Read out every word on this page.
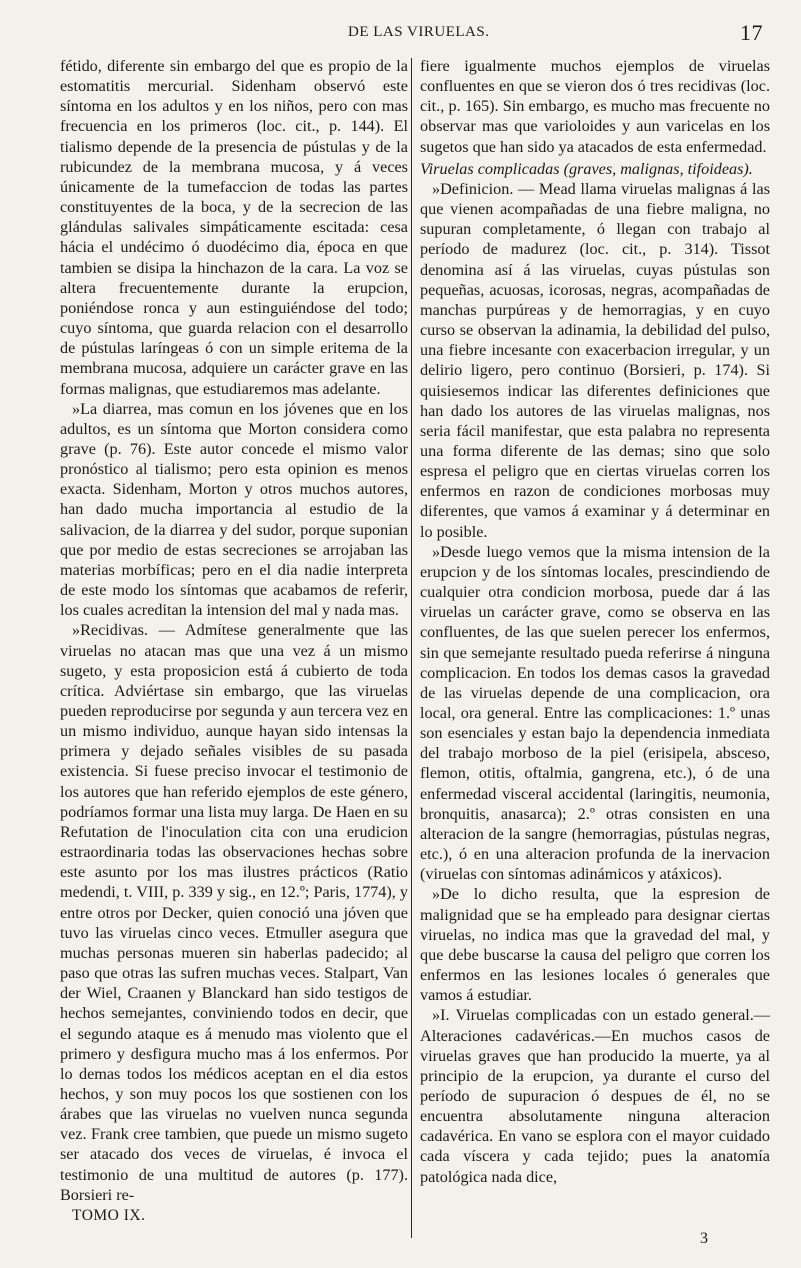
DE LAS VIRUELAS.	17

fétido, diferente sin embargo del que es propio de la estomatitis mercurial. Sidenham observó este síntoma en los adultos y en los niños, pero con mas frecuencia en los primeros (loc. cit., p. 144). El tialismo depende de la presencia de pústulas y de la rubicundez de la membrana mucosa, y á veces únicamente de la tumefaccion de todas las partes constituyentes de la boca, y de la secrecion de las glándulas salivales simpáticamente escitada: cesa hácia el undécimo ó duodécimo dia, época en que tambien se disipa la hinchazon de la cara. La voz se altera frecuentemente durante la erupcion, poniéndose ronca y aun estinguiéndose del todo; cuyo síntoma, que guarda relacion con el desarrollo de pústulas laríngeas ó con un simple eritema de la membrana mucosa, adquiere un carácter grave en las formas malignas, que estudiaremos mas adelante.

»La diarrea, mas comun en los jóvenes que en los adultos, es un síntoma que Morton considera como grave (p. 76). Este autor concede el mismo valor pronóstico al tialismo; pero esta opinion es menos exacta. Sidenham, Morton y otros muchos autores, han dado mucha importancia al estudio de la salivacion, de la diarrea y del sudor, porque suponian que por medio de estas secreciones se arrojaban las materias morbíficas; pero en el dia nadie interpreta de este modo los síntomas que acabamos de referir, los cuales acreditan la intension del mal y nada mas.

»Recidivas. — Admítese generalmente que las viruelas no atacan mas que una vez á un mismo sugeto, y esta proposicion está á cubierto de toda crítica. Adviértase sin embargo, que las viruelas pueden reproducirse por segunda y aun tercera vez en un mismo individuo, aunque hayan sido intensas la primera y dejado señales visibles de su pasada existencia. Si fuese preciso invocar el testimonio de los autores que han referido ejemplos de este género, podríamos formar una lista muy larga. De Haen en su Refutation de l'inoculation cita con una erudicion estraordinaria todas las observaciones hechas sobre este asunto por los mas ilustres prácticos (Ratio medendi, t. VIII, p. 339 y sig., en 12.º; Paris, 1774), y entre otros por Decker, quien conoció una jóven que tuvo las viruelas cinco veces. Etmuller asegura que muchas personas mueren sin haberlas padecido; al paso que otras las sufren muchas veces. Stalpart, Van der Wiel, Craanen y Blanckard han sido testigos de hechos semejantes, conviniendo todos en decir, que el segundo ataque es á menudo mas violento que el primero y desfigura mucho mas á los enfermos. Por lo demas todos los médicos aceptan en el dia estos hechos, y son muy pocos los que sostienen con los árabes que las viruelas no vuelven nunca segunda vez. Frank cree tambien, que puede un mismo sugeto ser atacado dos veces de viruelas, é invoca el testimonio de una multitud de autores (p. 177). Borsieri re-

TOMO IX.

fiere igualmente muchos ejemplos de viruelas confluentes en que se vieron dos ó tres recidivas (loc. cit., p. 165). Sin embargo, es mucho mas frecuente no observar mas que varioloides y aun varicelas en los sugetos que han sido ya atacados de esta enfermedad.

Viruelas complicadas (graves, malignas, tifoideas).

»Definicion. — Mead llama viruelas malignas á las que vienen acompañadas de una fiebre maligna, no supuran completamente, ó llegan con trabajo al período de madurez (loc. cit., p. 314). Tissot denomina así á las viruelas, cuyas pústulas son pequeñas, acuosas, icorosas, negras, acompañadas de manchas purpúreas y de hemorragias, y en cuyo curso se observan la adinamia, la debilidad del pulso, una fiebre incesante con exacerbacion irregular, y un delirio ligero, pero continuo (Borsieri, p. 174). Si quisiesemos indicar las diferentes definiciones que han dado los autores de las viruelas malignas, nos seria fácil manifestar, que esta palabra no representa una forma diferente de las demas; sino que solo espresa el peligro que en ciertas viruelas corren los enfermos en razon de condiciones morbosas muy diferentes, que vamos á examinar y á determinar en lo posible.

»Desde luego vemos que la misma intension de la erupcion y de los síntomas locales, prescindiendo de cualquier otra condicion morbosa, puede dar á las viruelas un carácter grave, como se observa en las confluentes, de las que suelen perecer los enfermos, sin que semejante resultado pueda referirse á ninguna complicacion. En todos los demas casos la gravedad de las viruelas depende de una complicacion, ora local, ora general. Entre las complicaciones: 1.º unas son esenciales y estan bajo la dependencia inmediata del trabajo morboso de la piel (erisipela, absceso, flemon, otitis, oftalmia, gangrena, etc.), ó de una enfermedad visceral accidental (laringitis, neumonia, bronquitis, anasarca); 2.º otras consisten en una alteracion de la sangre (hemorragias, pústulas negras, etc.), ó en una alteracion profunda de la inervacion (viruelas con síntomas adinámicos y atáxicos).

»De lo dicho resulta, que la espresion de malignidad que se ha empleado para designar ciertas viruelas, no indica mas que la gravedad del mal, y que debe buscarse la causa del peligro que corren los enfermos en las lesiones locales ó generales que vamos á estudiar.

»I. Viruelas complicadas con un estado general.—Alteraciones cadavéricas.—En muchos casos de viruelas graves que han producido la muerte, ya al principio de la erupcion, ya durante el curso del período de supuracion ó despues de él, no se encuentra absolutamente ninguna alteracion cadavérica. En vano se esplora con el mayor cuidado cada víscera y cada tejido; pues la anatomía patológica nada dice,

3
